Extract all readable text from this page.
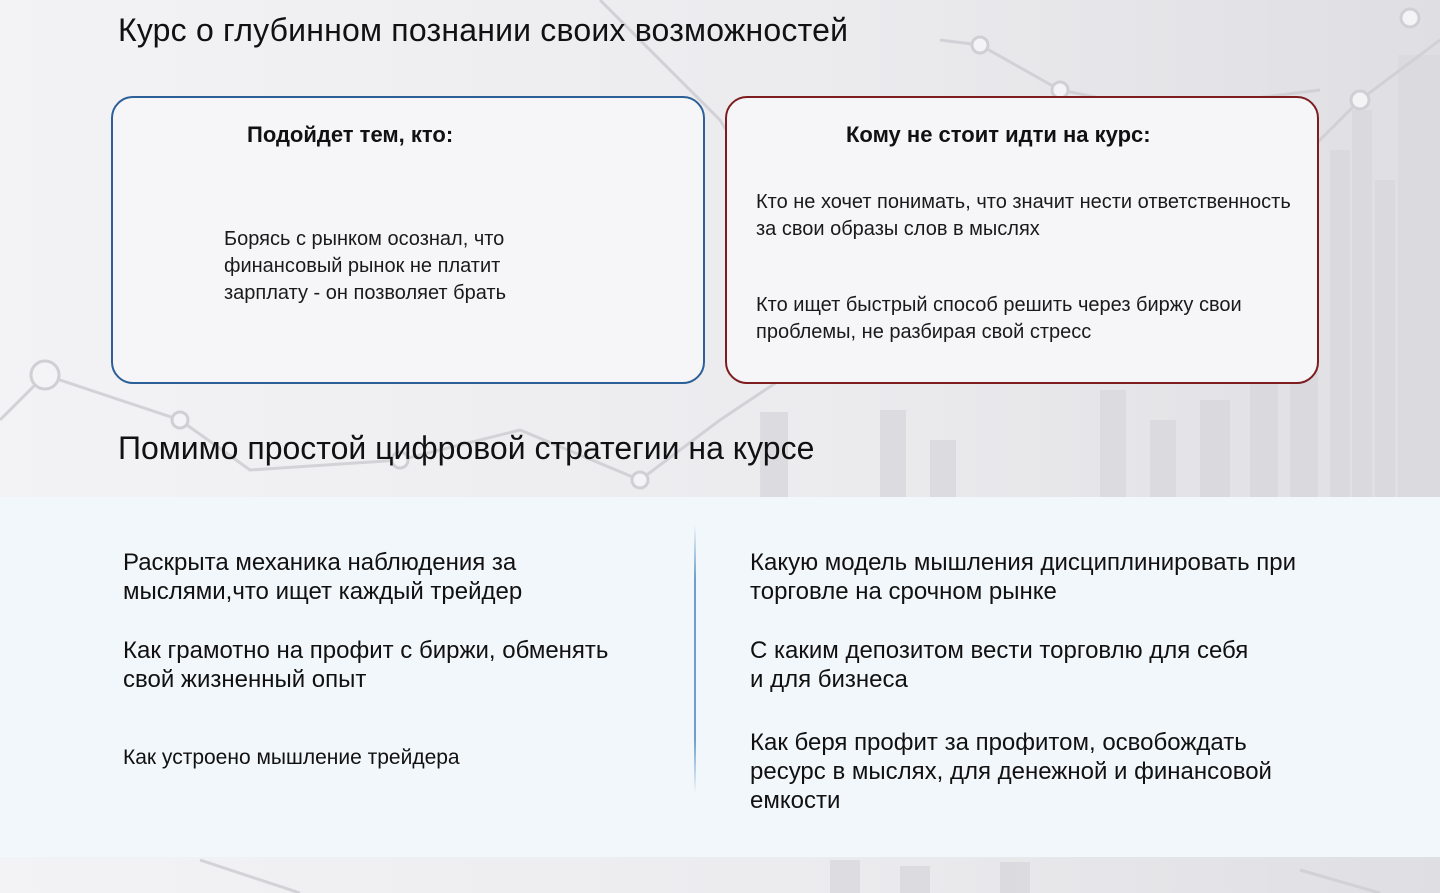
Курс о глубинном познании своих возможностей
Подойдет тем, кто:

Борясь с рынком осознал, что финансовый рынок не платит зарплату - он позволяет брать

Кому не стоит идти на курс:

Кто не хочет понимать, что значит нести ответственность за свои образы слов в мыслях

Кто ищет быстрый способ решить через биржу свои проблемы, не разбирая свой стресс

Помимо простой цифровой стратегии на курсе

Раскрыта механика наблюдения за мыслями,что ищет каждый трейдер

Как грамотно на профит с биржи, обменять свой жизненный опыт

Как устроено мышление трейдера

Какую модель мышления дисциплинировать при торговле на срочном рынке

С каким депозитом вести торговлю для себя и для бизнеса

Как беря профит за профитом, освобождать ресурс в мыслях, для денежной и финансовой емкости
